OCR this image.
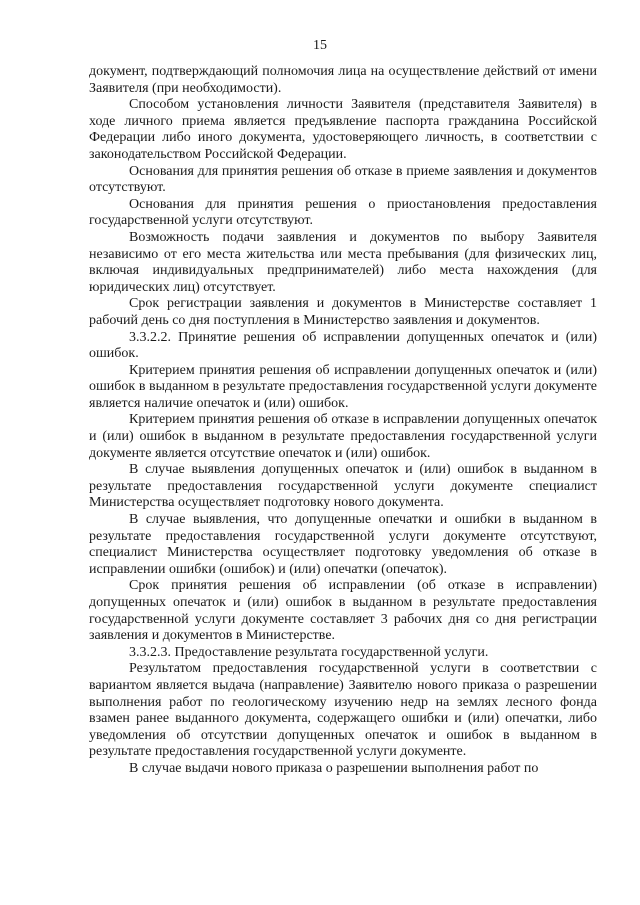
15

документ, подтверждающий полномочия лица на осуществление действий от имени Заявителя (при необходимости).

Способом установления личности Заявителя (представителя Заявителя) в ходе личного приема является предъявление паспорта гражданина Российской Федерации либо иного документа, удостоверяющего личность, в соответствии с законодательством Российской Федерации.

Основания для принятия решения об отказе в приеме заявления и документов отсутствуют.

Основания для принятия решения о приостановления предоставления государственной услуги отсутствуют.

Возможность подачи заявления и документов по выбору Заявителя независимо от его места жительства или места пребывания (для физических лиц, включая индивидуальных предпринимателей) либо места нахождения (для юридических лиц) отсутствует.

Срок регистрации заявления и документов в Министерстве составляет 1 рабочий день со дня поступления в Министерство заявления и документов.

3.3.2.2. Принятие решения об исправлении допущенных опечаток и (или) ошибок.

Критерием принятия решения об исправлении допущенных опечаток и (или) ошибок в выданном в результате предоставления государственной услуги документе является наличие опечаток и (или) ошибок.

Критерием принятия решения об отказе в исправлении допущенных опечаток и (или) ошибок в выданном в результате предоставления государственной услуги документе является отсутствие опечаток и (или) ошибок.

В случае выявления допущенных опечаток и (или) ошибок в выданном в результате предоставления государственной услуги документе специалист Министерства осуществляет подготовку нового документа.

В случае выявления, что допущенные опечатки и ошибки в выданном в результате предоставления государственной услуги документе отсутствуют, специалист Министерства осуществляет подготовку уведомления об отказе в исправлении ошибки (ошибок) и (или) опечатки (опечаток).

Срок принятия решения об исправлении (об отказе в исправлении) допущенных опечаток и (или) ошибок в выданном в результате предоставления государственной услуги документе составляет 3 рабочих дня со дня регистрации заявления и документов в Министерстве.

3.3.2.3. Предоставление результата государственной услуги.

Результатом предоставления государственной услуги в соответствии с вариантом является выдача (направление) Заявителю нового приказа о разрешении выполнения работ по геологическому изучению недр на землях лесного фонда взамен ранее выданного документа, содержащего ошибки и (или) опечатки, либо уведомления об отсутствии допущенных опечаток и ошибок в выданном в результате предоставления государственной услуги документе.

В случае выдачи нового приказа о разрешении выполнения работ по
